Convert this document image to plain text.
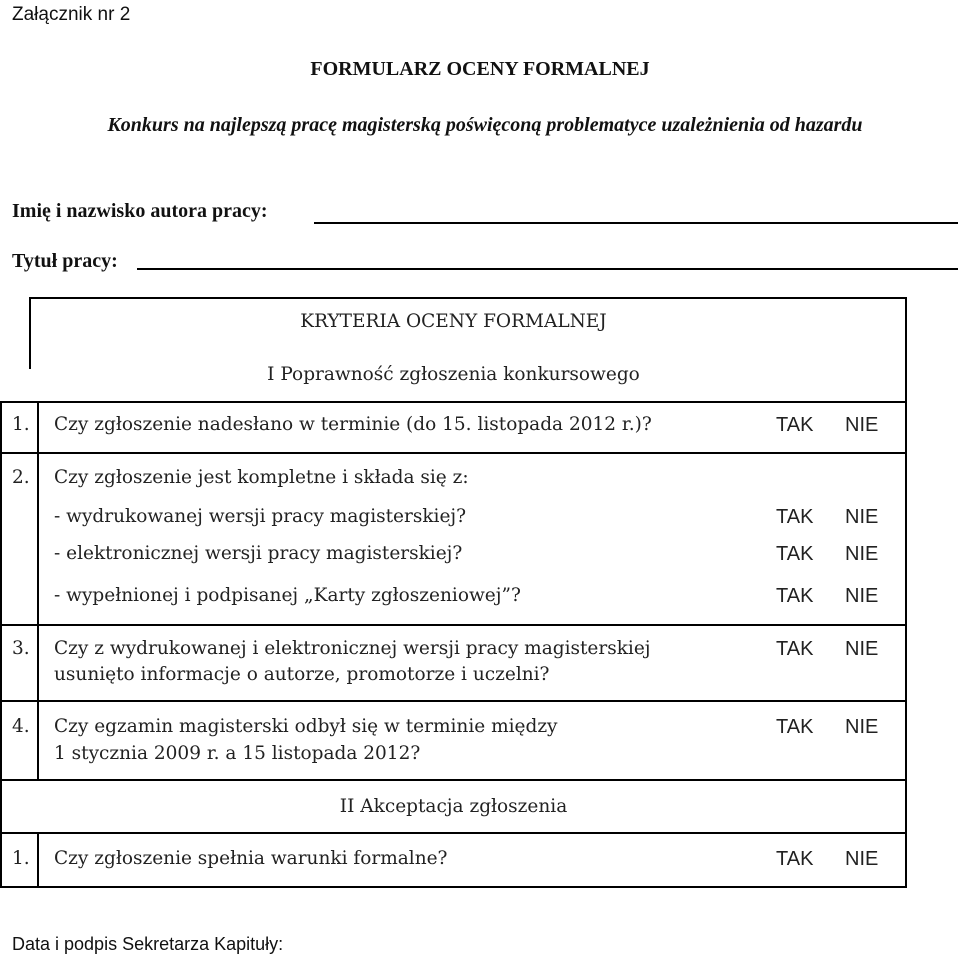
Załącznik nr 2
FORMULARZ OCENY FORMALNEJ
Konkurs na najlepszą pracę magisterską poświęconą problematyce uzależnienia od hazardu
Imię i nazwisko autora pracy:
Tytuł pracy:
KRYTERIA OCENY FORMALNEJ
I Poprawność zgłoszenia konkursowego
1. Czy zgłoszenie nadesłano w terminie (do 15. listopada 2012 r.)?	TAK NIE
2. Czy zgłoszenie jest kompletne i składa się z:
- wydrukowanej wersji pracy magisterskiej?	TAK NIE
- elektronicznej wersji pracy magisterskiej?	TAK NIE
- wypełnionej i podpisanej „Karty zgłoszeniowej”?	TAK NIE
3. Czy z wydrukowanej i elektronicznej wersji pracy magisterskiej
usunięto informacje o autorze, promotorze i uczelni?
TAK NIE
4. Czy egzamin magisterski odbył się w terminie między
1 stycznia 2009 r. a 15 listopada 2012?
TAK NIE
II Akceptacja zgłoszenia
1. Czy zgłoszenie spełnia warunki formalne?	TAK NIE
Data i podpis Sekretarza Kapituły:
